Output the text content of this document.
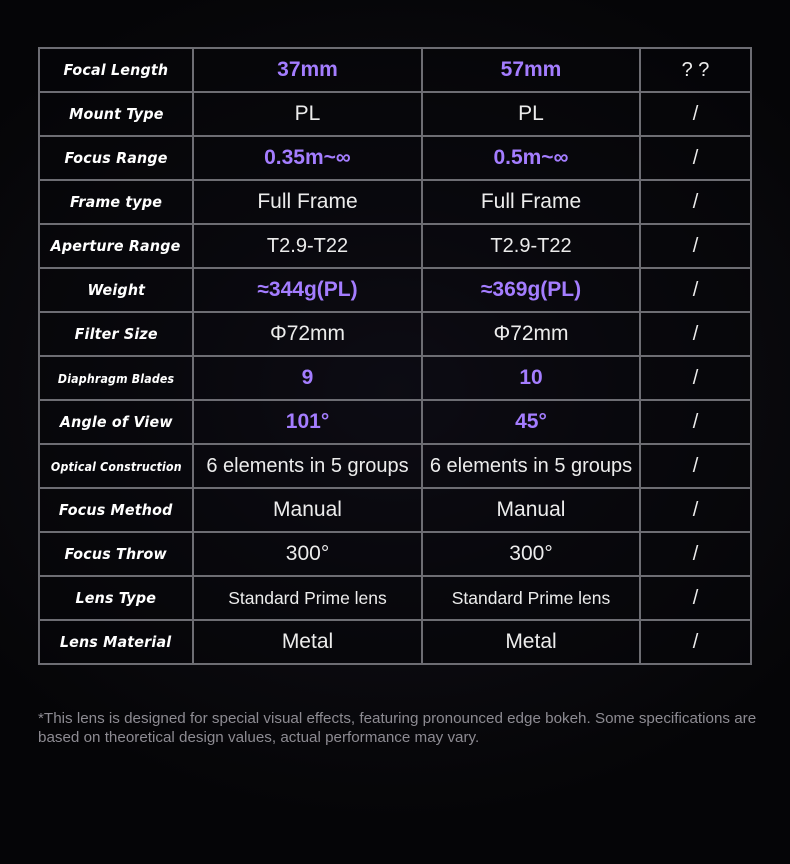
Focal Length	37mm	57mm	? ?
Mount Type	PL	PL	/
Focus Range	0.35m~∞	0.5m~∞	/
Frame type	Full Frame	Full Frame	/
Aperture Range	T2.9-T22	T2.9-T22	/
Weight	≈344g(PL)	≈369g(PL)	/
Filter Size	Φ72mm	Φ72mm	/
Diaphragm Blades	9	10	/
Angle of View	101°	45°	/
Optical Construction	6 elements in 5 groups	6 elements in 5 groups	/
Focus Method	Manual	Manual	/
Focus Throw	300°	300°	/
Lens Type	Standard Prime lens	Standard Prime lens	/
Lens Material	Metal	Metal	/
*This lens is designed for special visual effects, featuring pronounced edge bokeh. Some specifications are based on theoretical design values, actual performance may vary.
